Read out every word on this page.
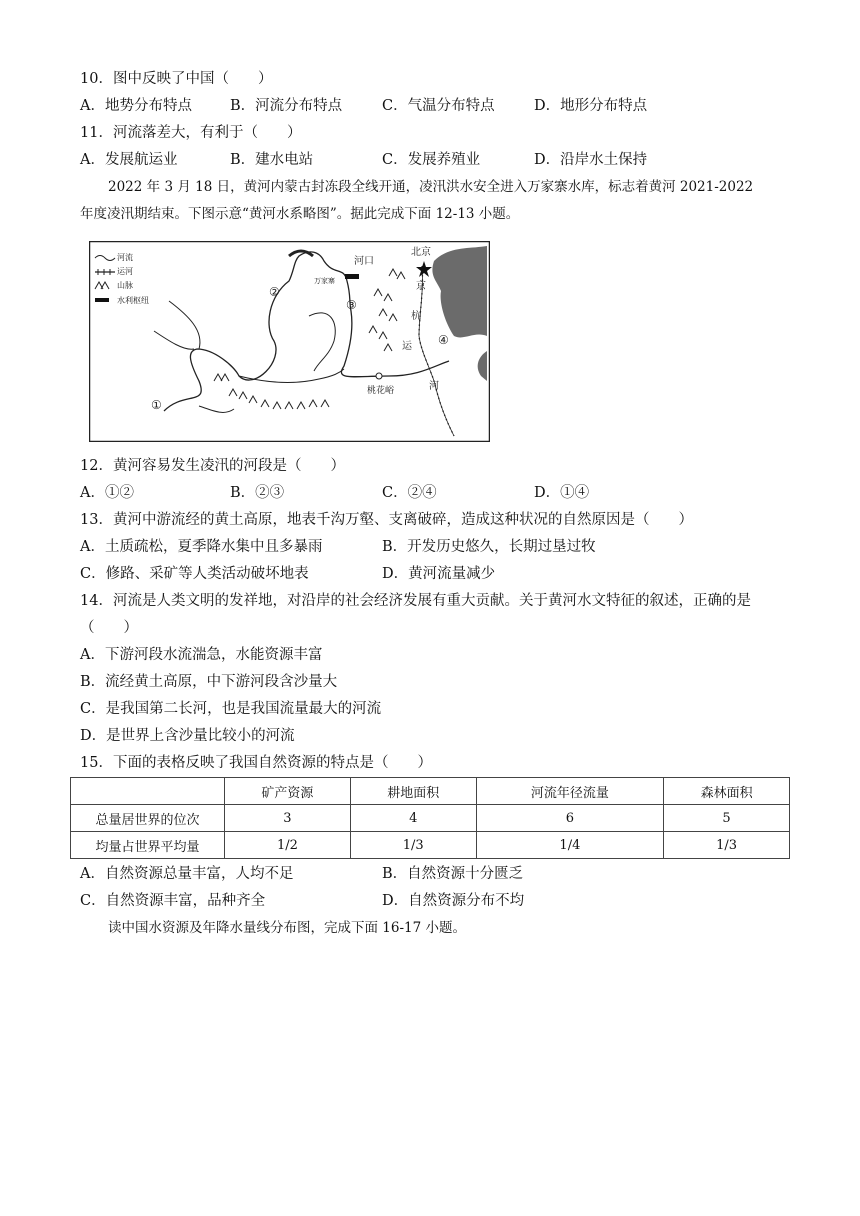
10．图中反映了中国（　　）
A．地势分布特点	B．河流分布特点	C．气温分布特点	D．地形分布特点
11．河流落差大，有利于（　　）
A．发展航运业	B．建水电站	C．发展养殖业	D．沿岸水土保持
2022 年 3 月 18 日，黄河内蒙古封冻段全线开通，凌汛洪水安全进入万家寨水库，标志着黄河 2021-2022
年度凌汛期结束。下图示意“黄河水系略图”。据此完成下面 12-13 小题。
河流
运河
山脉
水利枢纽
河口
北京
万家寨
桃花峪
京
杭
运
河
①
②
③
④
12．黄河容易发生凌汛的河段是（　　）
A．①②	B．②③	C．②④	D．①④
13．黄河中游流经的黄土高原，地表千沟万壑、支离破碎，造成这种状况的自然原因是（　　）
A．土质疏松，夏季降水集中且多暴雨	B．开发历史悠久，长期过垦过牧
C．修路、采矿等人类活动破坏地表	D．黄河流量减少
14．河流是人类文明的发祥地，对沿岸的社会经济发展有重大贡献。关于黄河水文特征的叙述，正确的是
（　　）
A．下游河段水流湍急，水能资源丰富
B．流经黄土高原，中下游河段含沙量大
C．是我国第二长河，也是我国流量最大的河流
D．是世界上含沙量比较小的河流
15．下面的表格反映了我国自然资源的特点是（　　）
	矿产资源	耕地面积	河流年径流量	森林面积
总量居世界的位次	3	4	6	5
均量占世界平均量	1/2	1/3	1/4	1/3
A．自然资源总量丰富，人均不足	B．自然资源十分匮乏
C．自然资源丰富，品种齐全	D．自然资源分布不均
读中国水资源及年降水量线分布图，完成下面 16-17 小题。
